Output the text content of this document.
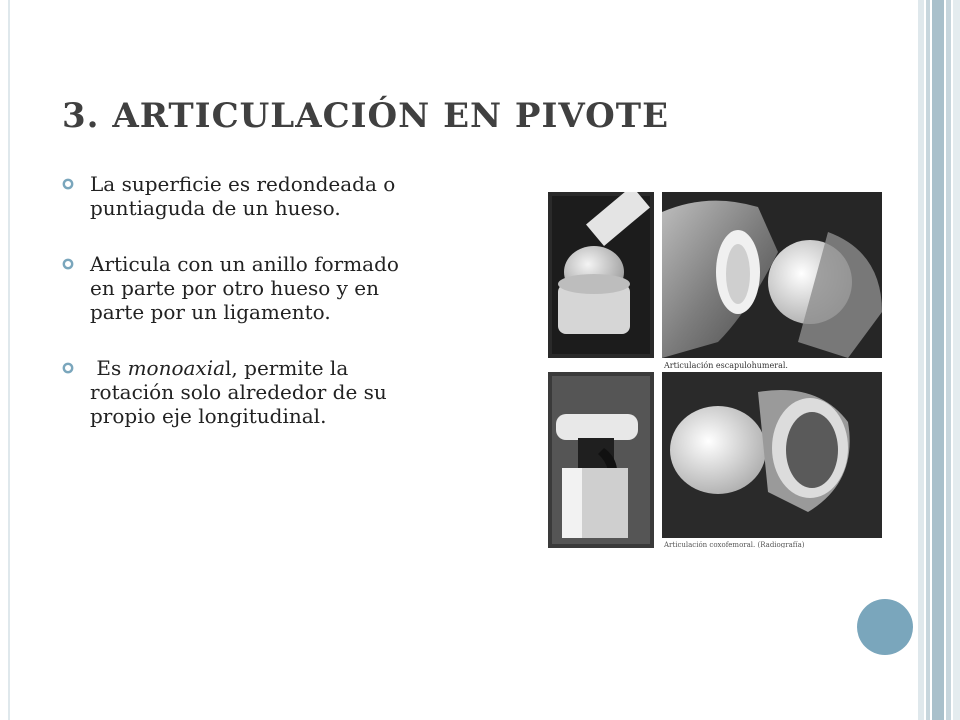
3. ARTICULACIÓN EN PIVOTE
La superficie es redondeada o puntiaguda de un hueso.
Articula con un anillo formado en parte por otro hueso y en parte por un ligamento.
Es monoaxial, permite la rotación solo alrededor de su propio eje longitudinal.
Articulación escapulohumeral.
Articulación coxofemoral. (Radiografía)
